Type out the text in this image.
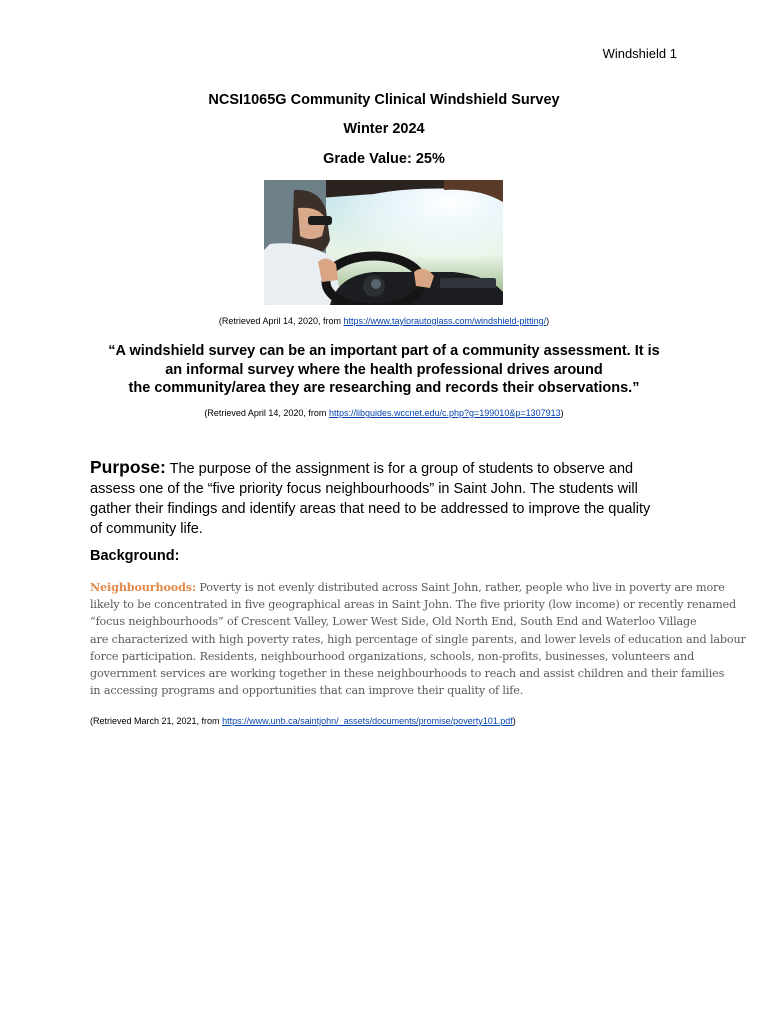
Windshield 1
NCSI1065G Community Clinical Windshield Survey
Winter 2024
Grade Value: 25%
(Retrieved April 14, 2020, from https://www.taylorautoglass.com/windshield-pitting/)
“A windshield survey can be an important part of a community assessment. It is
an informal survey where the health professional drives around
the community/area they are researching and records their observations.”
(Retrieved April 14, 2020, from https://libguides.wccnet.edu/c.php?g=199010&p=1307913)
Purpose: The purpose of the assignment is for a group of students to observe and
assess one of the “five priority focus neighbourhoods” in Saint John. The students will
gather their findings and identify areas that need to be addressed to improve the quality
of community life.
Background:
Neighbourhoods: Poverty is not evenly distributed across Saint John, rather, people who live in poverty are more
likely to be concentrated in five geographical areas in Saint John. The five priority (low income) or recently renamed
“focus neighbourhoods” of Crescent Valley, Lower West Side, Old North End, South End and Waterloo Village
are characterized with high poverty rates, high percentage of single parents, and lower levels of education and labour
force participation. Residents, neighbourhood organizations, schools, non-profits, businesses, volunteers and
government services are working together in these neighbourhoods to reach and assist children and their families
in accessing programs and opportunities that can improve their quality of life.
(Retrieved March 21, 2021, from https://www.unb.ca/saintjohn/_assets/documents/promise/poverty101.pdf)
